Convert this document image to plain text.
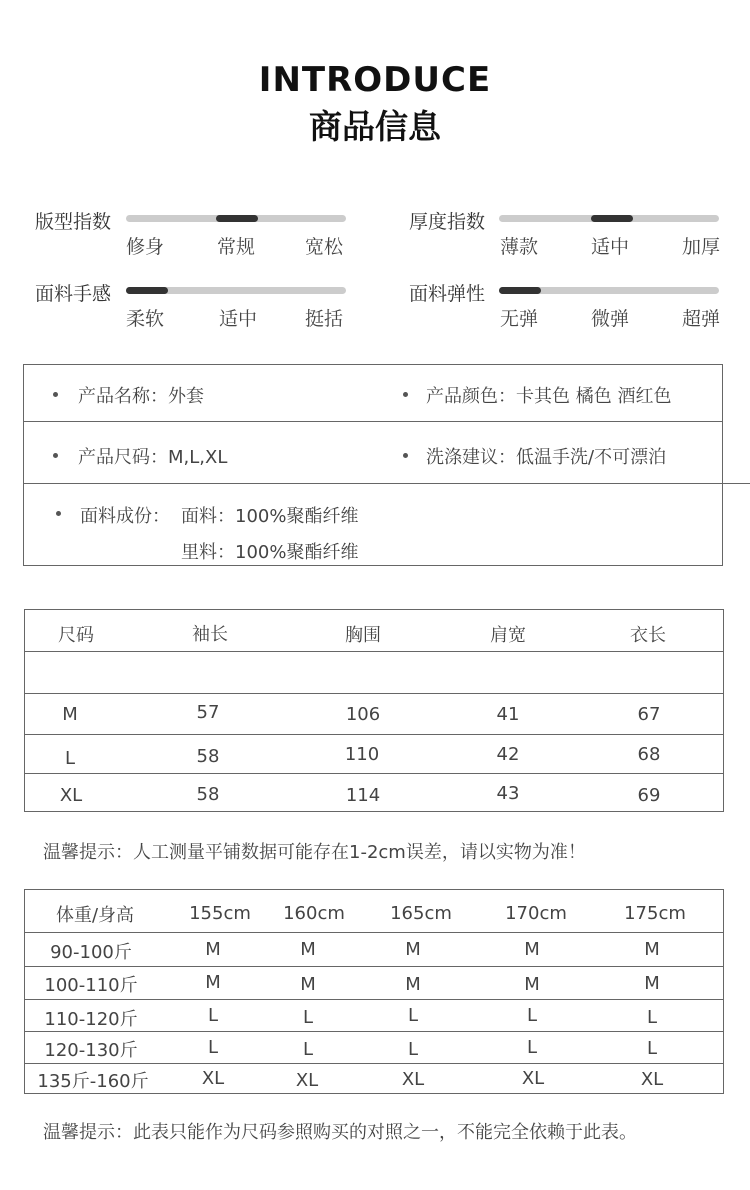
INTRODUCE
商品信息
版型指数
修身	常规	宽松
厚度指数
薄款	适中	加厚
面料手感
柔软	适中	挺括
面料弹性
无弹	微弹	超弹
产品名称：外套	产品颜色：卡其色 橘色 酒红色
产品尺码：M,L,XL	洗涤建议：低温手洗/不可漂泊
面料成份： 面料：100%聚酯纤维
里料：100%聚酯纤维
尺码	袖长	胸围	肩宽	衣长
M	57	106	41	67
L	58	110	42	68
XL	58	114	43	69
温馨提示：人工测量平铺数据可能存在1-2cm误差，请以实物为准！
体重/身高	155cm	160cm	165cm	170cm	175cm
90-100斤	M	M	M	M	M
100-110斤	M	M	M	M	M
110-120斤	L	L	L	L	L
120-130斤	L	L	L	L	L
135斤-160斤	XL	XL	XL	XL	XL
温馨提示：此表只能作为尺码参照购买的对照之一，不能完全依赖于此表。
